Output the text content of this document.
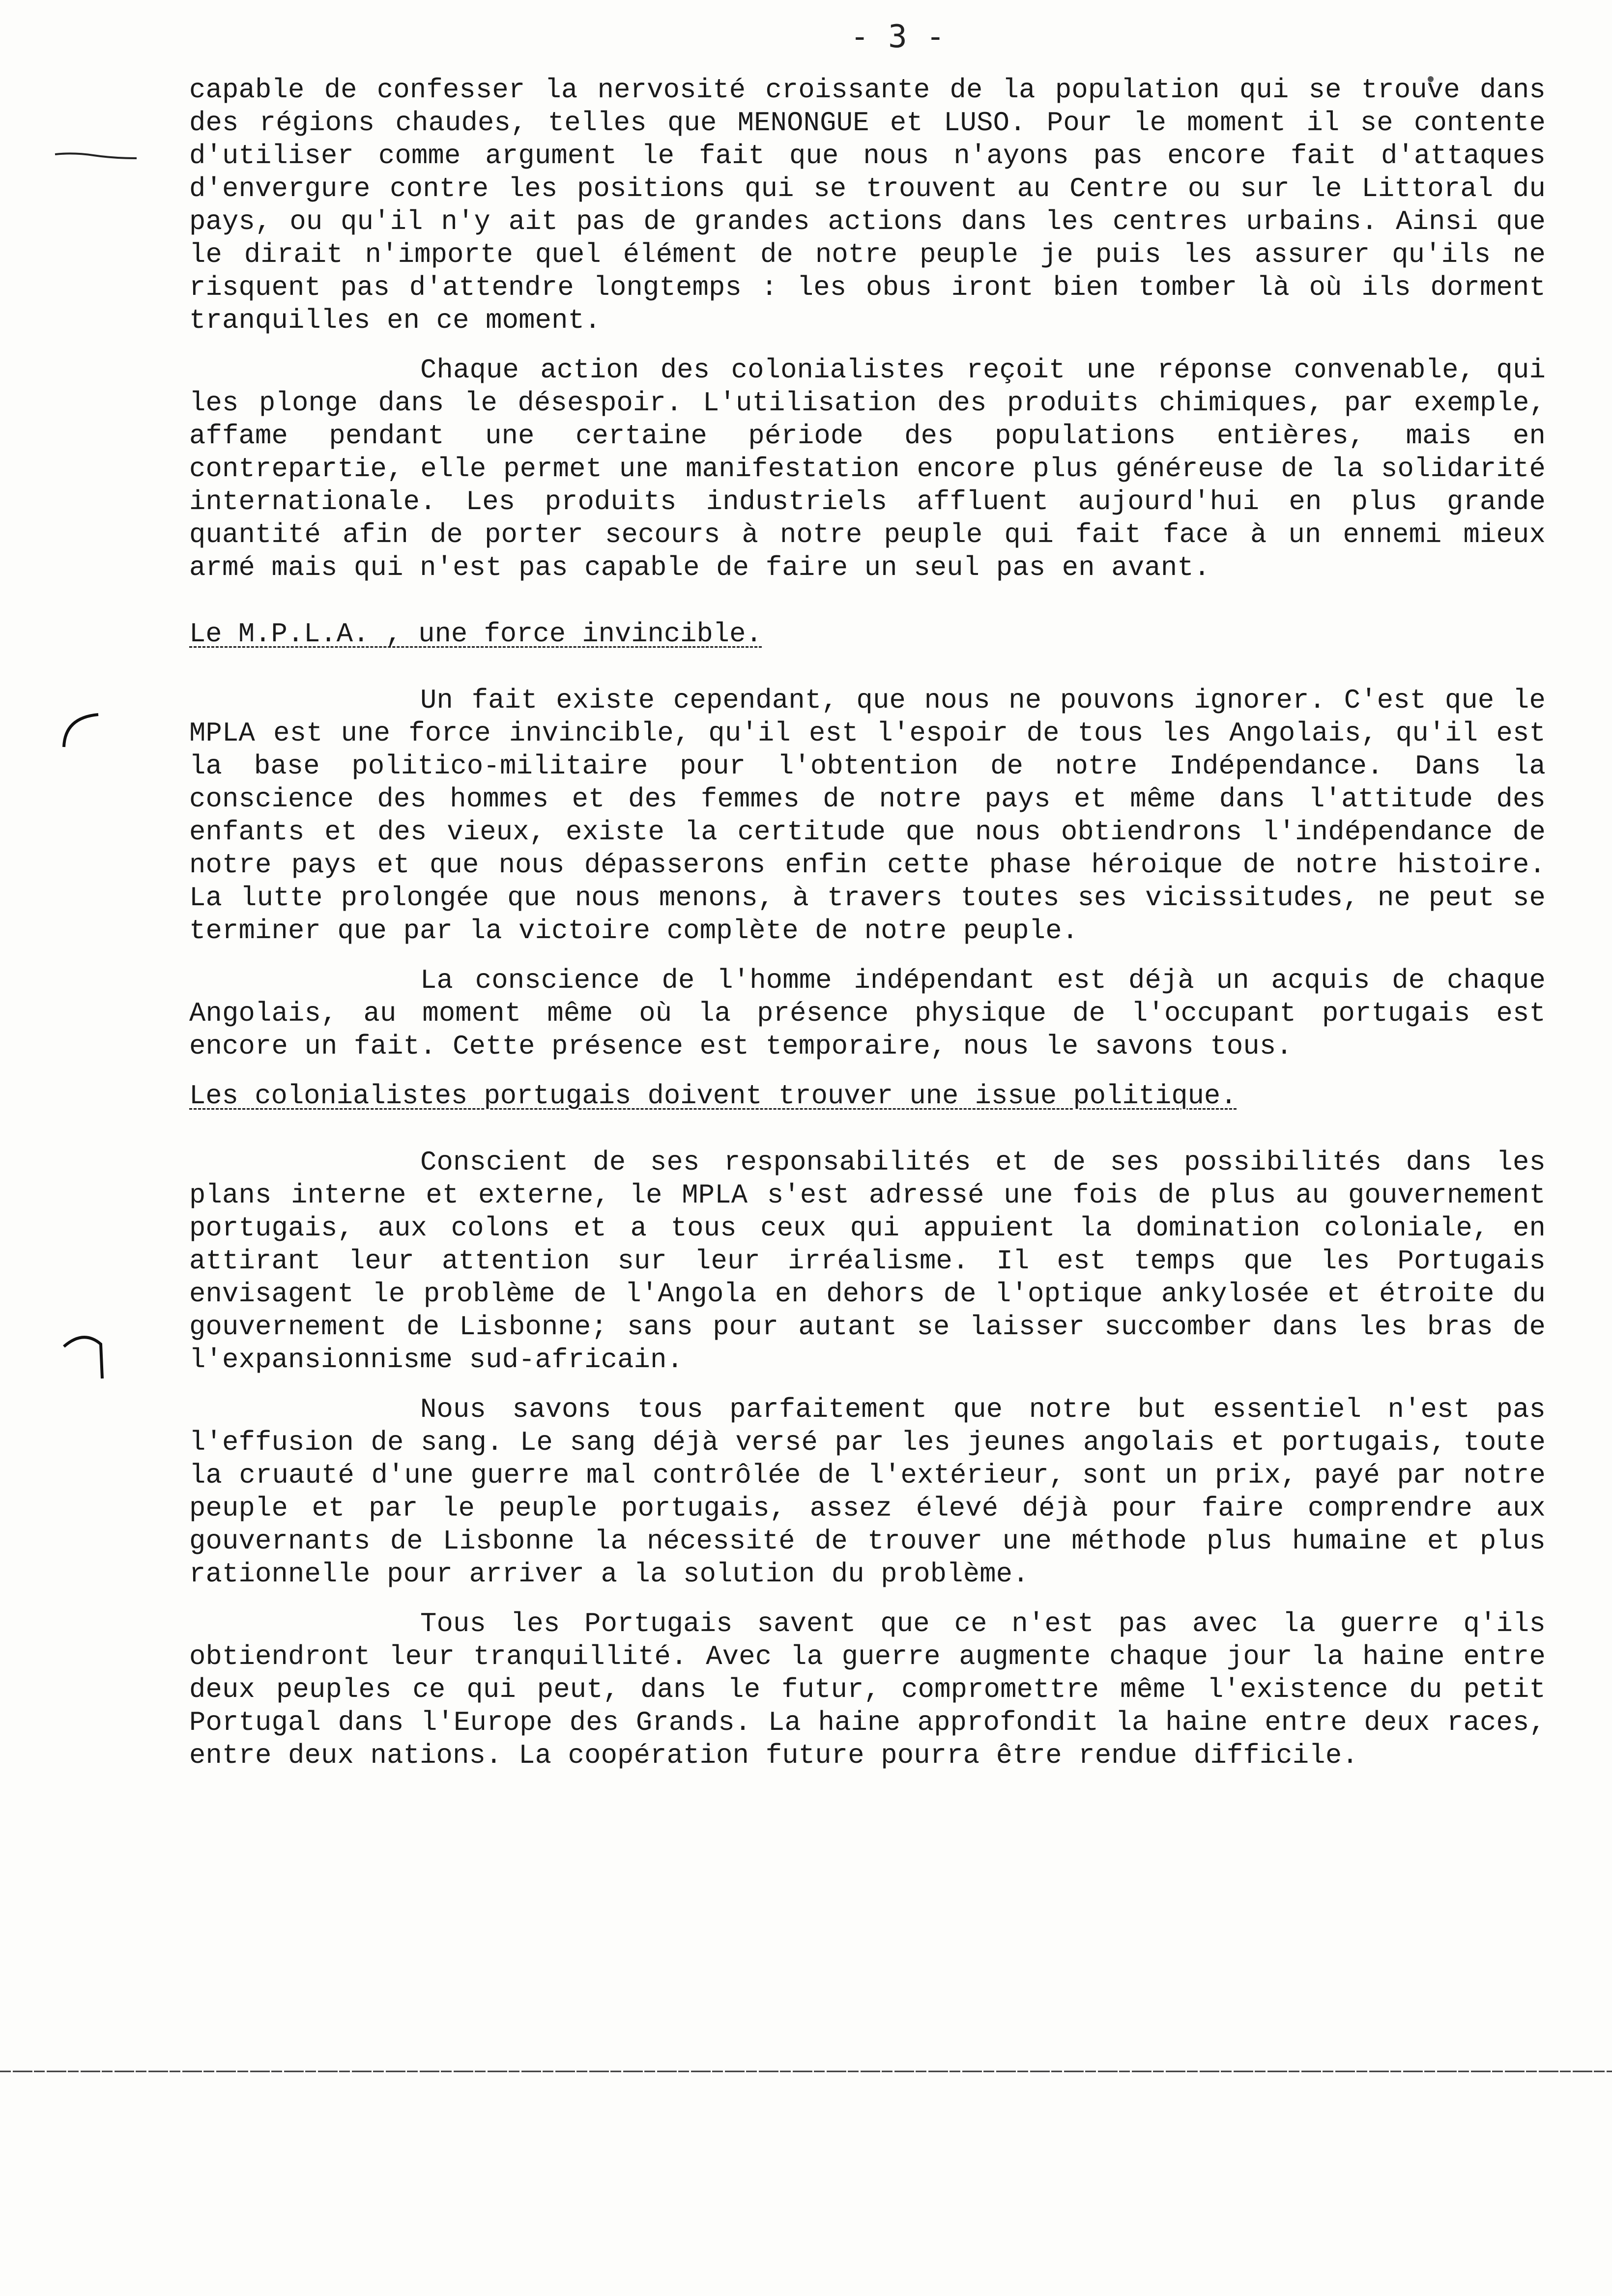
- 3 -

capable de confesser la nervosité croissante de la population qui se trouve dans des régions chaudes, telles que MENONGUE et LUSO. Pour le moment il se contente d'utiliser comme argument le fait que nous n'ayons pas encore fait d'attaques d'envergure contre les positions qui se trouvent au Centre ou sur le Littoral du pays, ou qu'il n'y ait pas de grandes actions dans les centres urbains. Ainsi que le dirait n'importe quel élément de notre peuple je puis les assurer qu'ils ne risquent pas d'attendre longtemps : les obus iront bien tomber là où ils dorment tranquilles en ce moment.

Chaque action des colonialistes reçoit une réponse convenable, qui les plonge dans le désespoir. L'utilisation des produits chimiques, par exemple, affame pendant une certaine période des populations entières, mais en contrepartie, elle permet une manifestation encore plus généreuse de la solidarité internationale. Les produits industriels affluent aujourd'hui en plus grande quantité afin de porter secours à notre peuple qui fait face à un ennemi mieux armé mais qui n'est pas capable de faire un seul pas en avant.

Le M.P.L.A. , une force invincible.

Un fait existe cependant, que nous ne pouvons ignorer. C'est que le MPLA est une force invincible, qu'il est l'espoir de tous les Angolais, qu'il est la base politico-militaire pour l'obtention de notre Indépendance. Dans la conscience des hommes et des femmes de notre pays et même dans l'attitude des enfants et des vieux, existe la certitude que nous obtiendrons l'indépendance de notre pays et que nous dépasserons enfin cette phase héroique de notre histoire. La lutte prolongée que nous menons, à travers toutes ses vicissitudes, ne peut se terminer que par la victoire complète de notre peuple.

La conscience de l'homme indépendant est déjà un acquis de chaque Angolais, au moment même où la présence physique de l'occupant portugais est encore un fait. Cette présence est temporaire, nous le savons tous.

Les colonialistes portugais doivent trouver une issue politique.

Conscient de ses responsabilités et de ses possibilités dans les plans interne et externe, le MPLA s'est adressé une fois de plus au gouvernement portugais, aux colons et a tous ceux qui appuient la domination coloniale, en attirant leur attention sur leur irréalisme. Il est temps que les Portugais envisagent le problème de l'Angola en dehors de l'optique ankylosée et étroite du gouvernement de Lisbonne; sans pour autant se laisser succomber dans les bras de l'expansionnisme sud-africain.

Nous savons tous parfaitement que notre but essentiel n'est pas l'effusion de sang. Le sang déjà versé par les jeunes angolais et portugais, toute la cruauté d'une guerre mal contrôlée de l'extérieur, sont un prix, payé par notre peuple et par le peuple portugais, assez élevé déjà pour faire comprendre aux gouvernants de Lisbonne la nécessité de trouver une méthode plus humaine et plus rationnelle pour arriver a la solution du problème.

Tous les Portugais savent que ce n'est pas avec la guerre q'ils obtiendront leur tranquillité. Avec la guerre augmente chaque jour la haine entre deux peuples ce qui peut, dans le futur, compromettre même l'existence du petit Portugal dans l'Europe des Grands. La haine approfondit la haine entre deux races, entre deux nations. La coopération future pourra être rendue difficile.
